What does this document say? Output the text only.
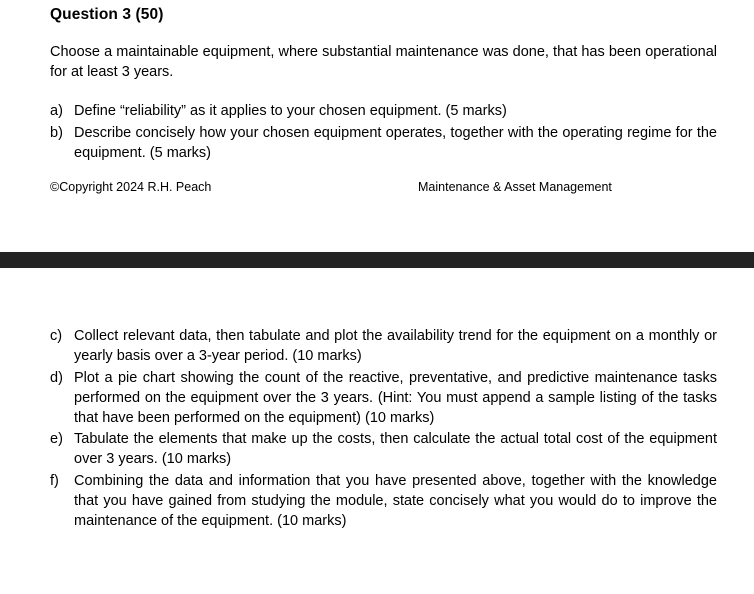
Question 3 (50)
Choose a maintainable equipment, where substantial maintenance was done, that has been operational for at least 3 years.
a) Define “reliability” as it applies to your chosen equipment. (5 marks)
b) Describe concisely how your chosen equipment operates, together with the operating regime for the equipment. (5 marks)
©Copyright 2024 R.H. Peach	Maintenance & Asset Management
c) Collect relevant data, then tabulate and plot the availability trend for the equipment on a monthly or yearly basis over a 3-year period. (10 marks)
d) Plot a pie chart showing the count of the reactive, preventative, and predictive maintenance tasks performed on the equipment over the 3 years. (Hint: You must append a sample listing of the tasks that have been performed on the equipment) (10 marks)
e) Tabulate the elements that make up the costs, then calculate the actual total cost of the equipment over 3 years. (10 marks)
f)	Combining the data and information that you have presented above, together with the knowledge that you have gained from studying the module, state concisely what you would do to improve the maintenance of the equipment. (10 marks)
